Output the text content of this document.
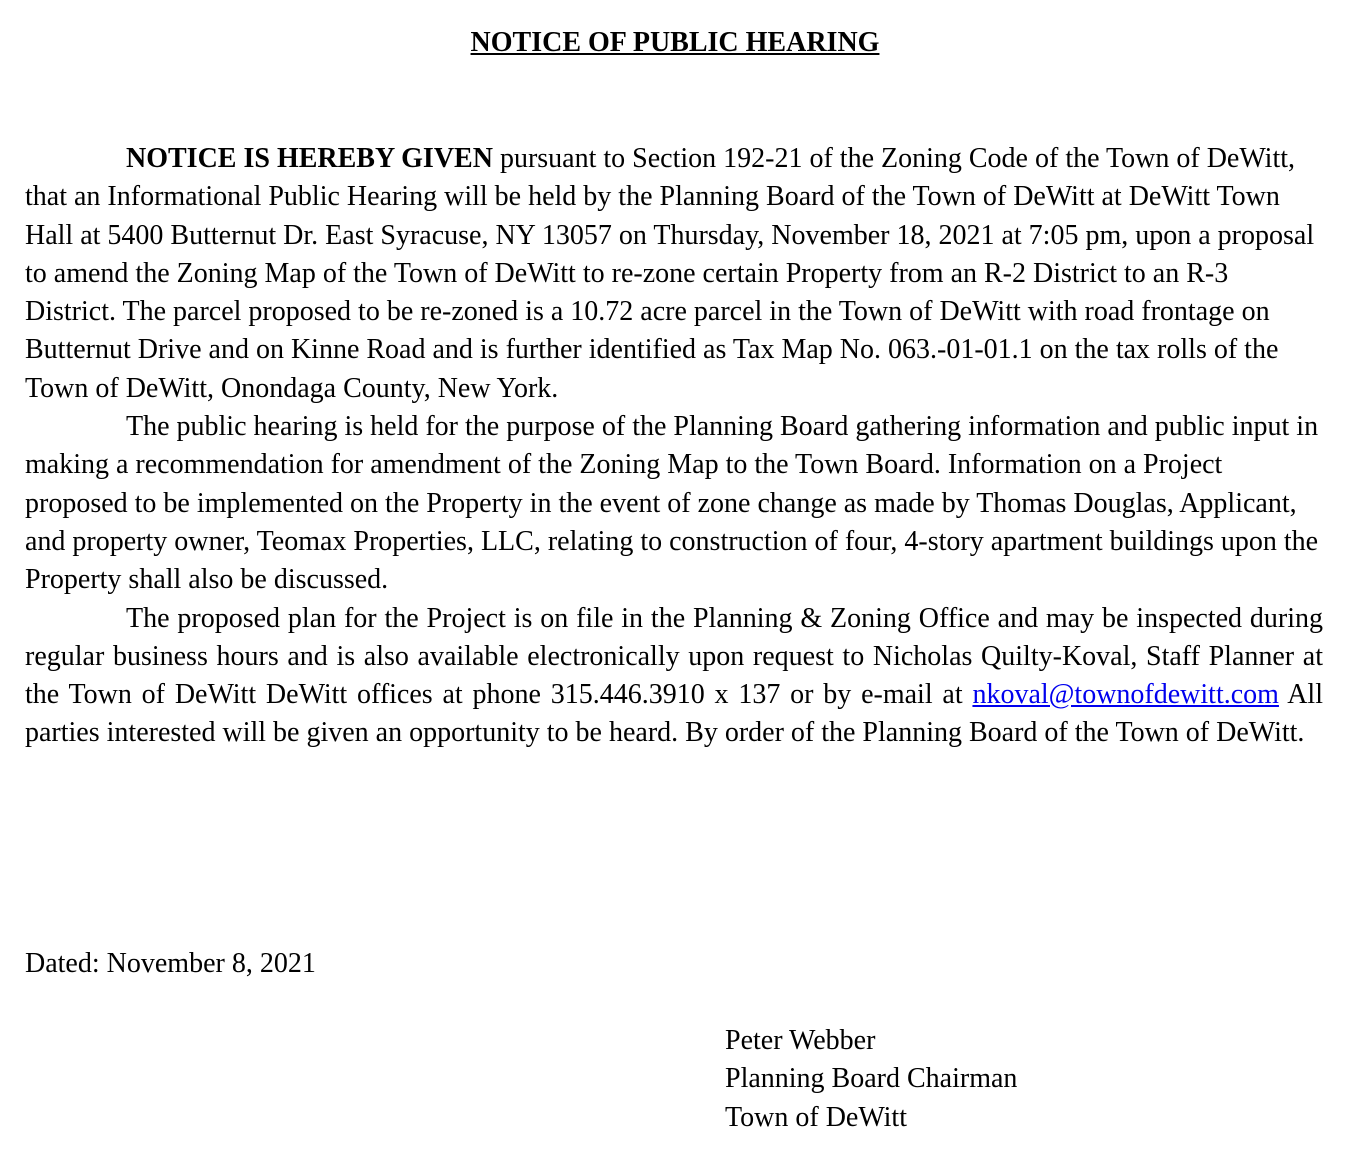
NOTICE OF PUBLIC HEARING

NOTICE IS HEREBY GIVEN pursuant to Section 192-21 of the Zoning Code of the Town of DeWitt, that an Informational Public Hearing will be held by the Planning Board of the Town of DeWitt at DeWitt Town Hall at 5400 Butternut Dr. East Syracuse, NY 13057 on Thursday, November 18, 2021 at 7:05 pm, upon a proposal to amend the Zoning Map of the Town of DeWitt to re-zone certain Property from an R-2 District to an R-3 District. The parcel proposed to be re-zoned is a 10.72 acre parcel in the Town of DeWitt with road frontage on Butternut Drive and on Kinne Road and is further identified as Tax Map No. 063.-01-01.1 on the tax rolls of the Town of DeWitt, Onondaga County, New York.

The public hearing is held for the purpose of the Planning Board gathering information and public input in making a recommendation for amendment of the Zoning Map to the Town Board. Information on a Project proposed to be implemented on the Property in the event of zone change as made by Thomas Douglas, Applicant, and property owner, Teomax Properties, LLC, relating to construction of four, 4-story apartment buildings upon the Property shall also be discussed.

The proposed plan for the Project is on file in the Planning & Zoning Office and may be inspected during regular business hours and is also available electronically upon request to Nicholas Quilty-Koval, Staff Planner at the Town of DeWitt DeWitt offices at phone 315.446.3910 x 137 or by e-mail at nkoval@townofdewitt.com All parties interested will be given an opportunity to be heard. By order of the Planning Board of the Town of DeWitt.

Dated: November 8, 2021
Peter Webber
Planning Board Chairman
Town of DeWitt
